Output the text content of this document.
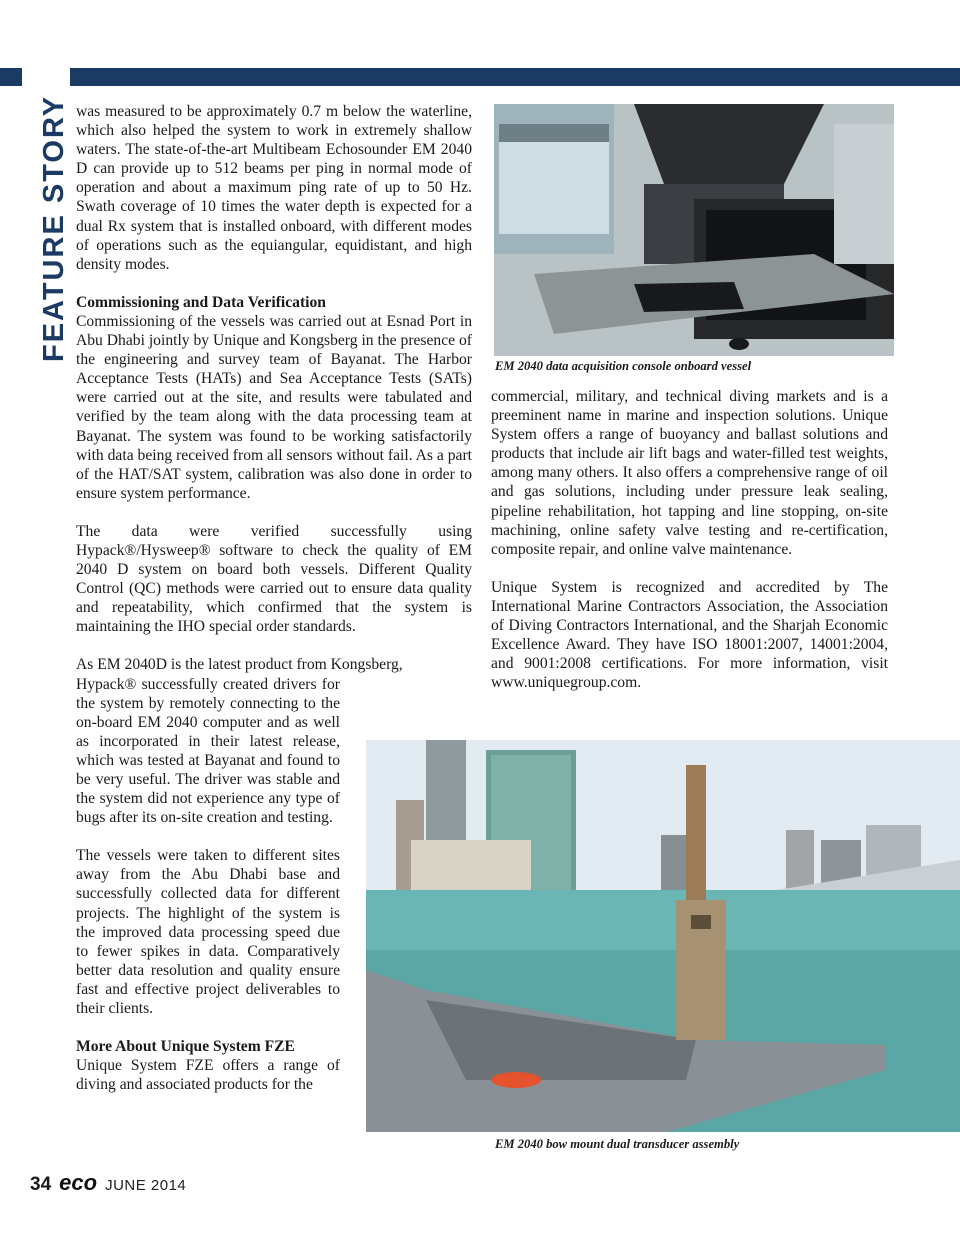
FEATURE STORY was measured to be approximately 0.7 m below the waterline, which also helped the system to work in extremely shallow waters. The state-of-the-art Multibeam Echosounder EM 2040 D can provide up to 512 beams per ping in normal mode of operation and about a maximum ping rate of up to 50 Hz. Swath coverage of 10 times the water depth is expected for a dual Rx system that is installed onboard, with different modes of operations such as the equiangular, equidistant, and high density modes.

Commissioning and Data Verification

Commissioning of the vessels was carried out at Esnad Port in Abu Dhabi jointly by Unique and Kongsberg in the presence of the engineering and survey team of Bayanat. The Harbor Acceptance Tests (HATs) and Sea Acceptance Tests (SATs) were carried out at the site, and results were tabulated and verified by the team along with the data processing team at Bayanat. The system was found to be working satisfactorily with data being received from all sensors without fail. As a part of the HAT/SAT system, calibration was also done in order to ensure system performance.

The data were verified successfully using Hypack®/Hysweep® software to check the quality of EM 2040 D system on board both vessels. Different Quality Control (QC) methods were carried out to ensure data quality and repeatability, which confirmed that the system is maintaining the IHO special order standards.

As EM 2040D is the latest product from Kongsberg,

Hypack® successfully created drivers for the system by remotely connecting to the on-board EM 2040 computer and as well as incorporated in their latest release, which was tested at Bayanat and found to be very useful. The driver was stable and the system did not experience any type of bugs after its on-site creation and testing.

The vessels were taken to different sites away from the Abu Dhabi base and successfully collected data for different projects. The highlight of the system is the improved data processing speed due to fewer spikes in data. Comparatively better data resolution and quality ensure fast and effective project deliverables to their clients.

More About Unique System FZE

Unique System FZE offers a range of diving and associated products for the

commercial, military, and technical diving markets and is a preeminent name in marine and inspection solutions. Unique System offers a range of buoyancy and ballast solutions and products that include air lift bags and water-filled test weights, among many others. It also offers a comprehensive range of oil and gas solutions, including under pressure leak sealing, pipeline rehabilitation, hot tapping and line stopping, on-site machining, online safety valve testing and re-certification, composite repair, and online valve maintenance.

Unique System is recognized and accredited by The International Marine Contractors Association, the Association of Diving Contractors International, and the Sharjah Economic Excellence Award. They have ISO 18001:2007, 14001:2004, and 9001:2008 certifications. For more information, visit www.uniquegroup.com.

EM 2040 data acquisition console onboard vessel
EM 2040 bow mount dual transducer assembly
34 eco JUNE 2014
